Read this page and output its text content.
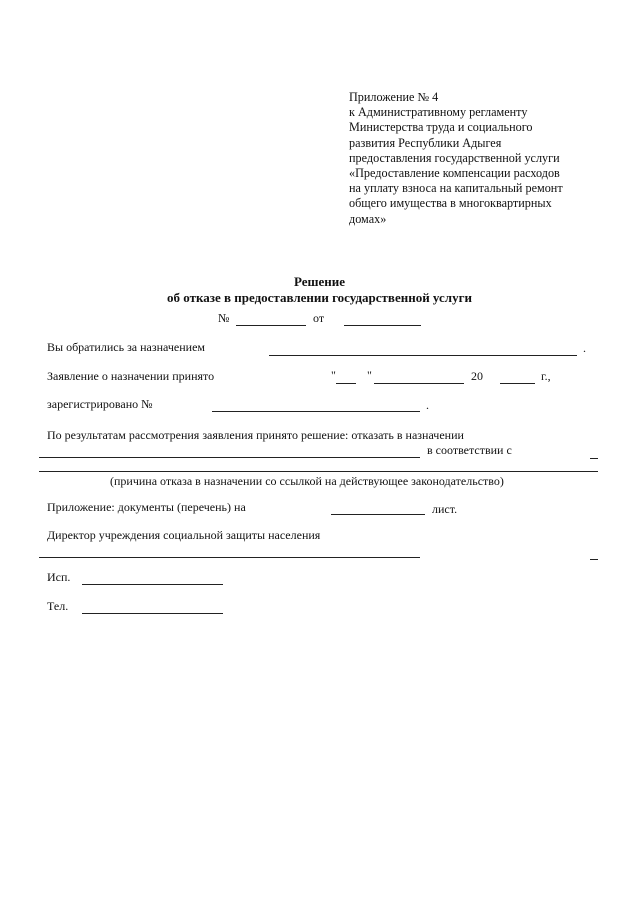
Приложение № 4
к Административному регламенту
Министерства труда и социального
развития Республики Адыгея
предоставления государственной услуги
«Предоставление компенсации расходов
на уплату взноса на капитальный ремонт
общего имущества в многоквартирных
домах»
Решение
об отказе в предоставлении государственной услуги
№	от
Вы обратились за назначением	.
Заявление о назначении принято	"	"	20	г.,
зарегистрировано №	.
По результатам рассмотрения заявления принято решение: отказать в назначении
в соответствии с
(причина отказа в назначении со ссылкой на действующее законодательство)
Приложение: документы (перечень) на	лист.
Директор учреждения социальной защиты населения
Исп.
Тел.
